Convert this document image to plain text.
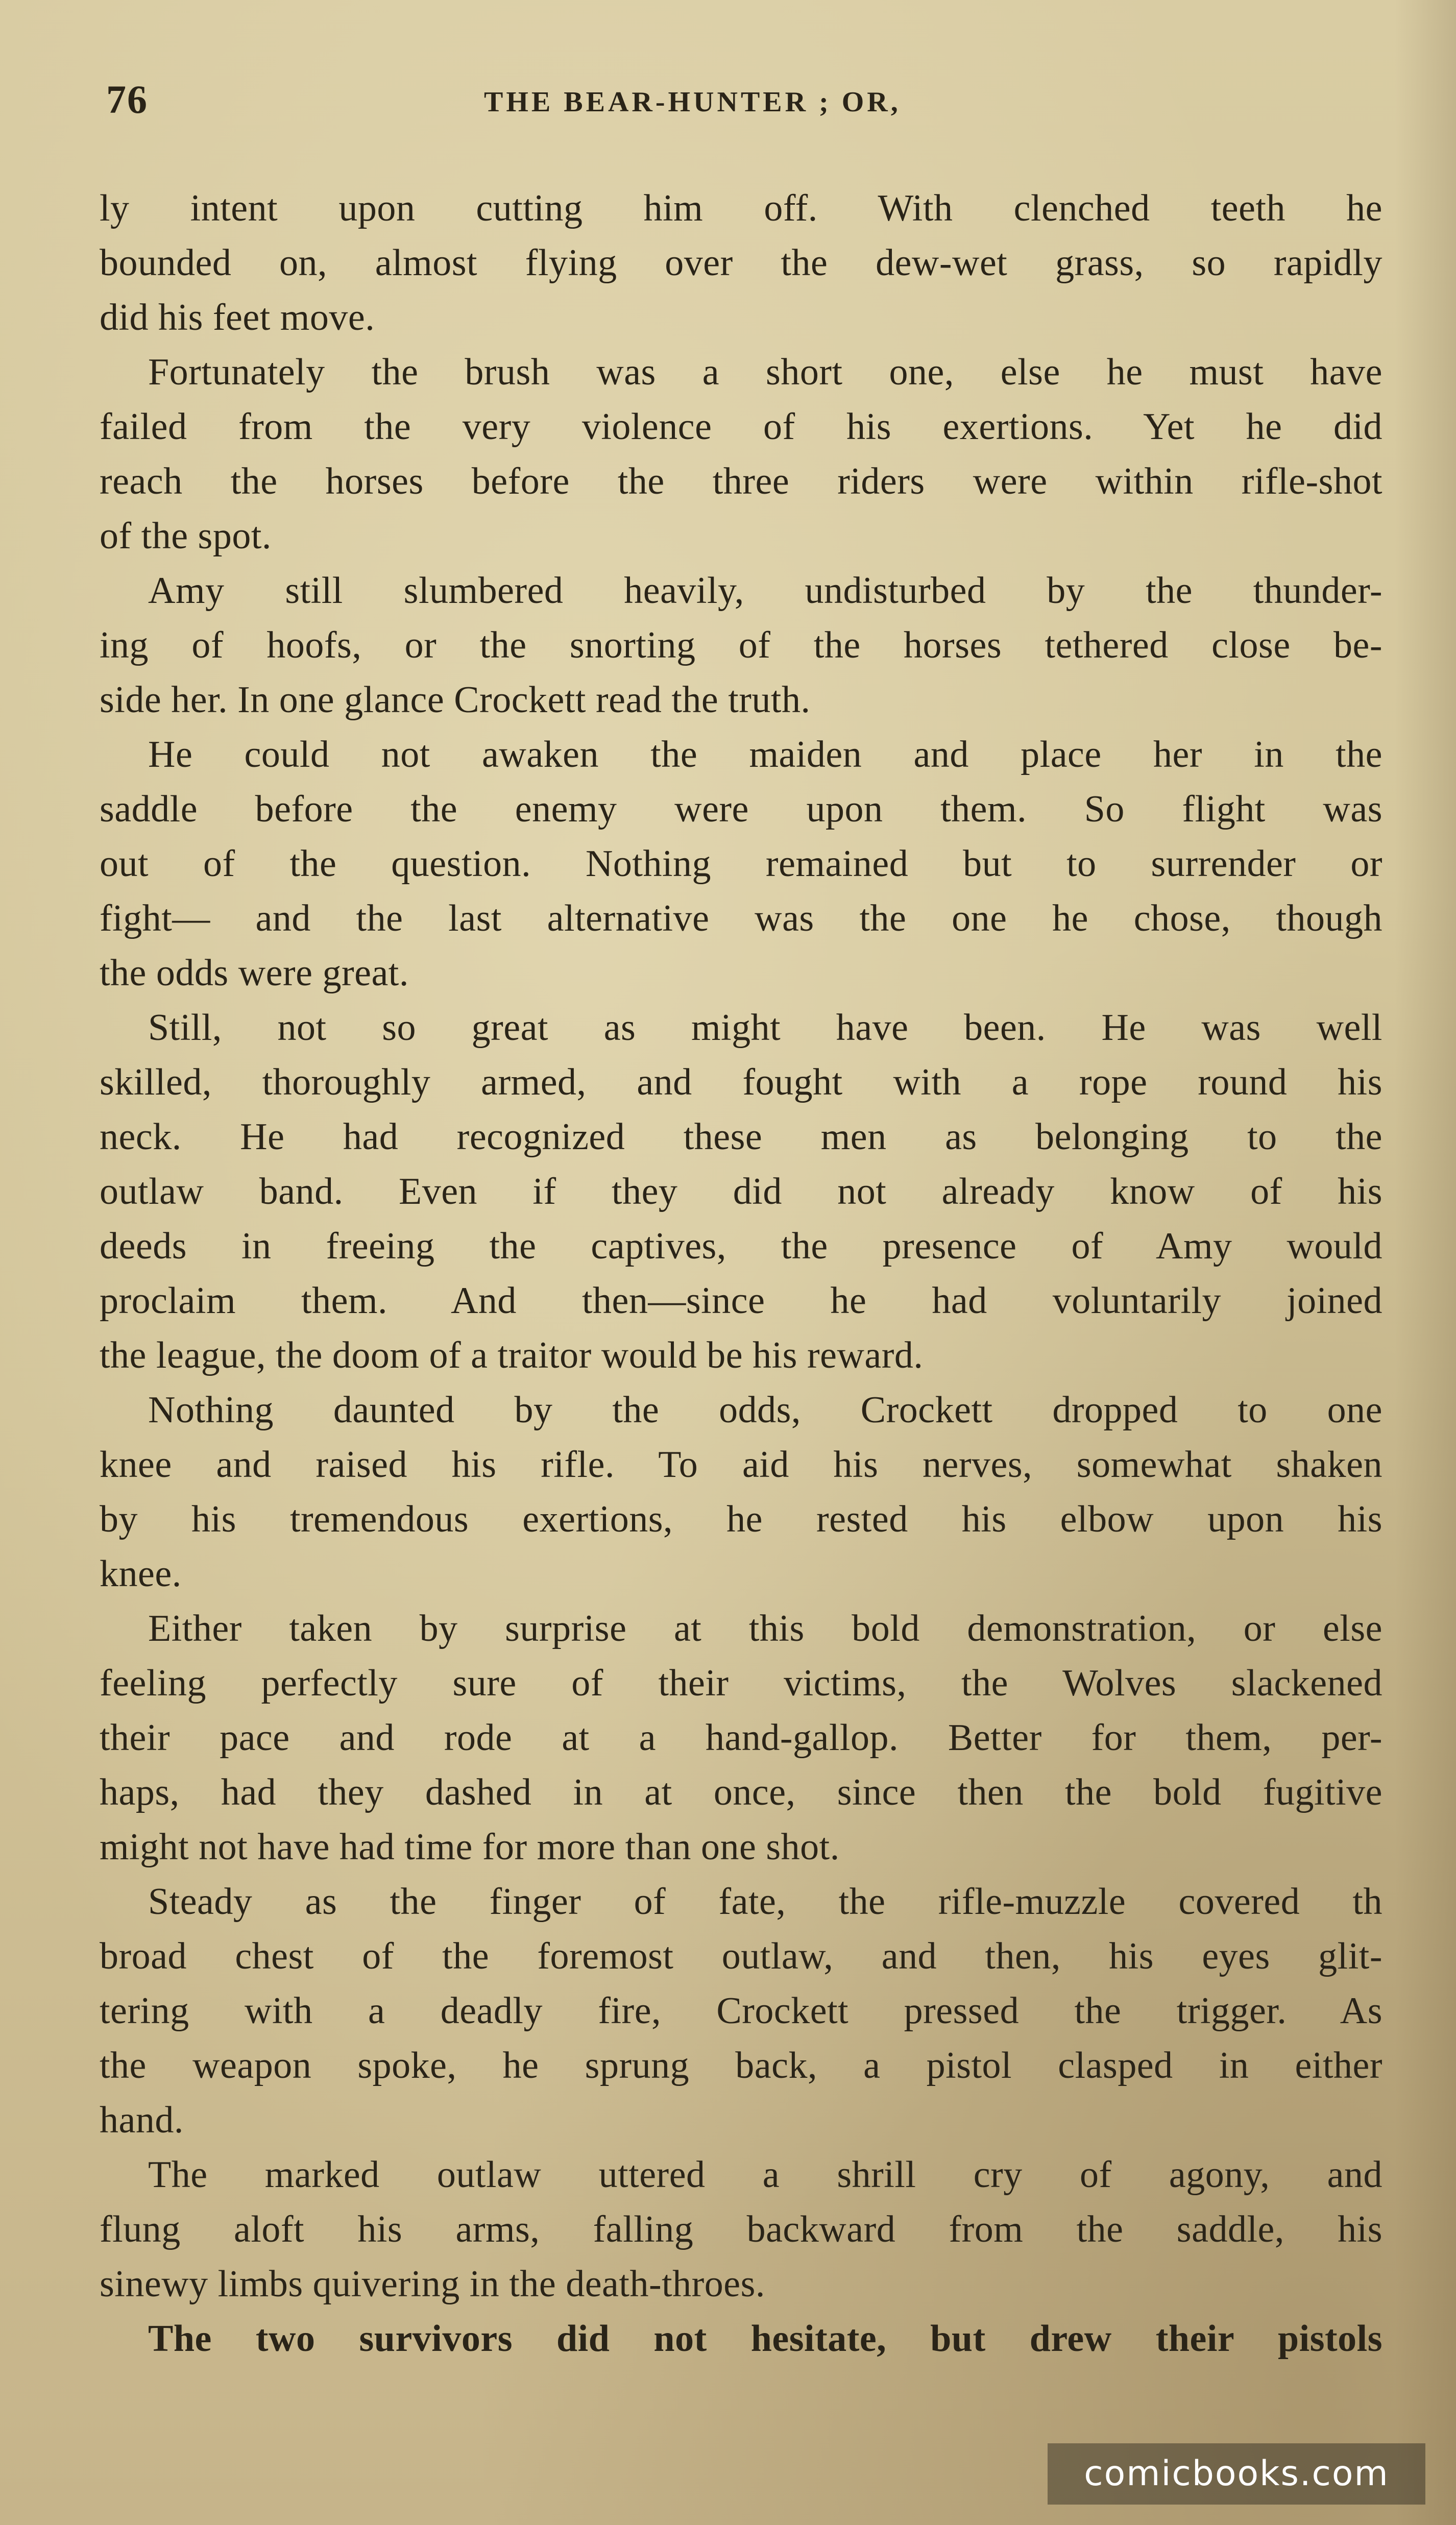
76	THE BEAR-HUNTER ; OR,
ly intent upon cutting him off. With clenched teeth he
bounded on, almost flying over the dew-wet grass, so rapidly
did his feet move.
Fortunately the brush was a short one, else he must have
failed from the very violence of his exertions. Yet he did
reach the horses before the three riders were within rifle-shot
of the spot.
Amy still slumbered heavily, undisturbed by the thunder-
ing of hoofs, or the snorting of the horses tethered close be-
side her. In one glance Crockett read the truth.
He could not awaken the maiden and place her in the
saddle before the enemy were upon them. So flight was
out of the question. Nothing remained but to surrender or
fight— and the last alternative was the one he chose, though
the odds were great.
Still, not so great as might have been. He was well
skilled, thoroughly armed, and fought with a rope round his
neck. He had recognized these men as belonging to the
outlaw band. Even if they did not already know of his
deeds in freeing the captives, the presence of Amy would
proclaim them. And then—since he had voluntarily joined
the league, the doom of a traitor would be his reward.
Nothing daunted by the odds, Crockett dropped to one
knee and raised his rifle. To aid his nerves, somewhat shaken
by his tremendous exertions, he rested his elbow upon his
knee.
Either taken by surprise at this bold demonstration, or else
feeling perfectly sure of their victims, the Wolves slackened
their pace and rode at a hand-gallop. Better for them, per-
haps, had they dashed in at once, since then the bold fugitive
might not have had time for more than one shot.
Steady as the finger of fate, the rifle-muzzle covered th
broad chest of the foremost outlaw, and then, his eyes glit-
tering with a deadly fire, Crockett pressed the trigger. As
the weapon spoke, he sprung back, a pistol clasped in either
hand.
The marked outlaw uttered a shrill cry of agony, and
flung aloft his arms, falling backward from the saddle, his
sinewy limbs quivering in the death-throes.
The two survivors did not hesitate, but drew their pistols
comicbooks.com
